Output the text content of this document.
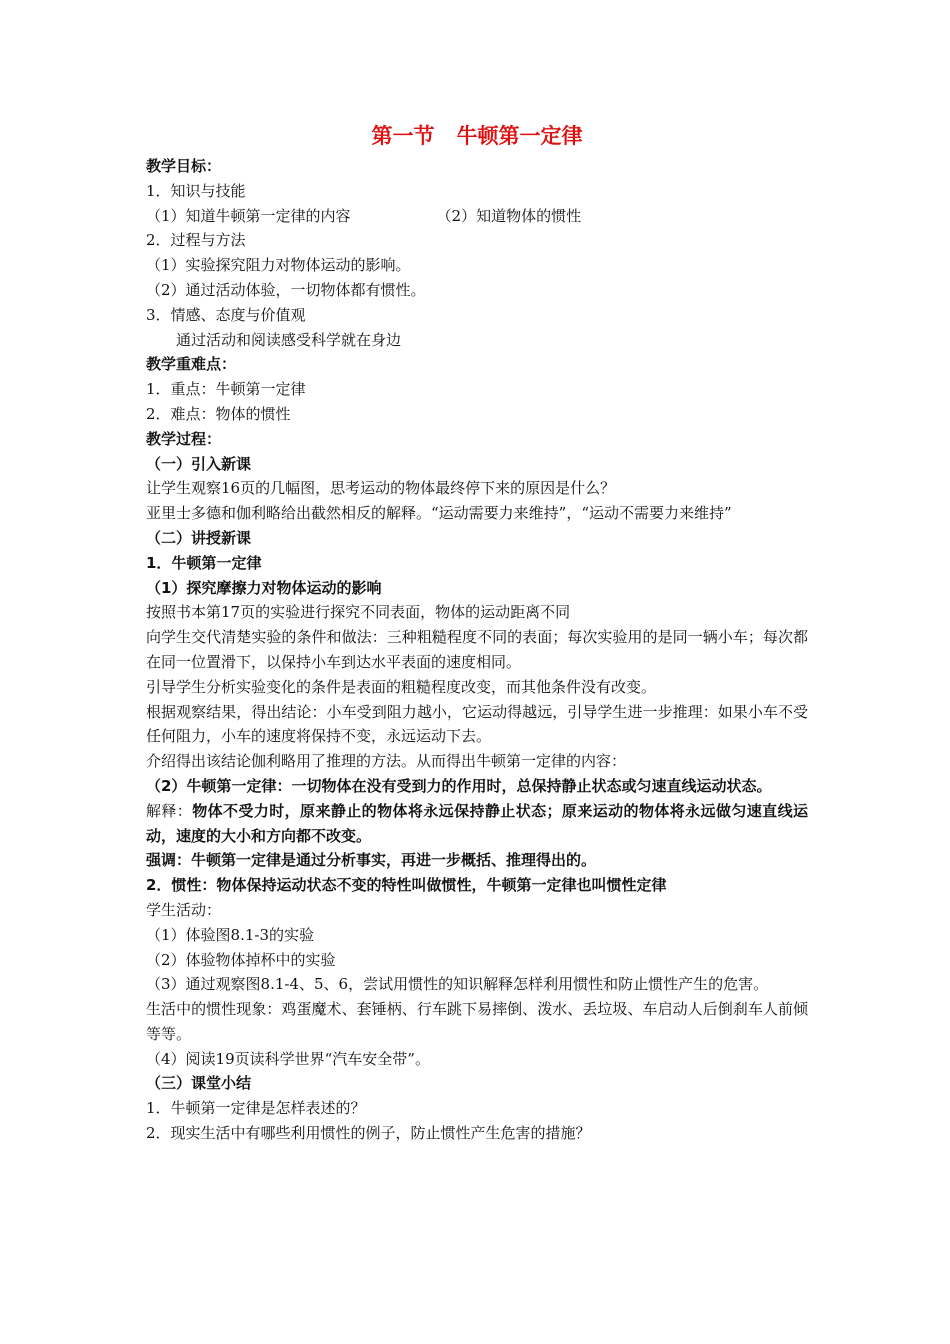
第一节 牛顿第一定律
教学目标：
1．知识与技能
（1）知道牛顿第一定律的内容	（2）知道物体的惯性
2．过程与方法
（1）实验探究阻力对物体运动的影响。
（2）通过活动体验，一切物体都有惯性。
3．情感、态度与价值观
通过活动和阅读感受科学就在身边
教学重难点：
1．重点：牛顿第一定律
2．难点：物体的惯性
教学过程：
（一）引入新课
让学生观察16页的几幅图，思考运动的物体最终停下来的原因是什么？
亚里士多德和伽利略给出截然相反的解释。“运动需要力来维持”，“运动不需要力来维持”
（二）讲授新课
1．牛顿第一定律
（1）探究摩擦力对物体运动的影响
按照书本第17页的实验进行探究不同表面，物体的运动距离不同
向学生交代清楚实验的条件和做法：三种粗糙程度不同的表面；每次实验用的是同一辆小车；每次都在同一位置滑下，以保持小车到达水平表面的速度相同。
引导学生分析实验变化的条件是表面的粗糙程度改变，而其他条件没有改变。
根据观察结果，得出结论：小车受到阻力越小，它运动得越远，引导学生进一步推理：如果小车不受任何阻力，小车的速度将保持不变，永远运动下去。
介绍得出该结论伽利略用了推理的方法。从而得出牛顿第一定律的内容：
（2）牛顿第一定律：一切物体在没有受到力的作用时，总保持静止状态或匀速直线运动状态。
解释：物体不受力时，原来静止的物体将永远保持静止状态；原来运动的物体将永远做匀速直线运动，速度的大小和方向都不改变。
强调：牛顿第一定律是通过分析事实，再进一步概括、推理得出的。
2．惯性：物体保持运动状态不变的特性叫做惯性，牛顿第一定律也叫惯性定律
学生活动：
（1）体验图8.1-3的实验
（2）体验物体掉杯中的实验
（3）通过观察图8.1-4、5、6，尝试用惯性的知识解释怎样利用惯性和防止惯性产生的危害。
生活中的惯性现象：鸡蛋魔术、套锤柄、行车跳下易摔倒、泼水、丢垃圾、车启动人后倒刹车人前倾等等。
（4）阅读19页读科学世界“汽车安全带”。
（三）课堂小结
1．牛顿第一定律是怎样表述的？
2．现实生活中有哪些利用惯性的例子，防止惯性产生危害的措施？
